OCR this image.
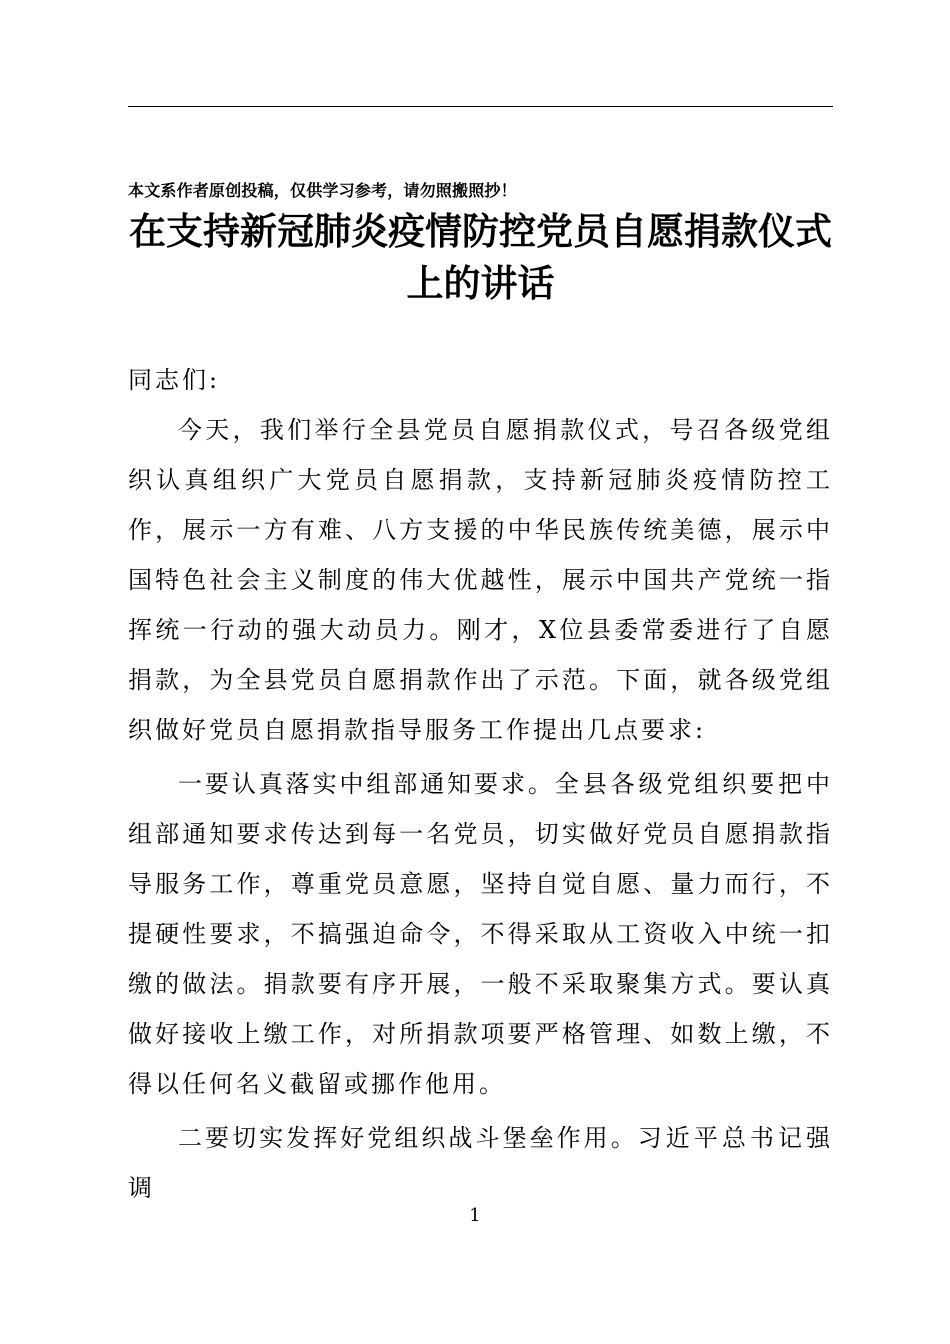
本文系作者原创投稿，仅供学习参考，请勿照搬照抄！
在支持新冠肺炎疫情防控党员自愿捐款仪式上的讲话

同志们:

今天，我们举行全县党员自愿捐款仪式，号召各级党组织认真组织广大党员自愿捐款，支持新冠肺炎疫情防控工作，展示一方有难、八方支援的中华民族传统美德，展示中国特色社会主义制度的伟大优越性，展示中国共产党统一指挥统一行动的强大动员力。刚才，X位县委常委进行了自愿捐款，为全县党员自愿捐款作出了示范。下面，就各级党组织做好党员自愿捐款指导服务工作提出几点要求:

一要认真落实中组部通知要求。全县各级党组织要把中组部通知要求传达到每一名党员，切实做好党员自愿捐款指导服务工作，尊重党员意愿，坚持自觉自愿、量力而行，不提硬性要求，不搞强迫命令，不得采取从工资收入中统一扣缴的做法。捐款要有序开展，一般不采取聚集方式。要认真做好接收上缴工作，对所捐款项要严格管理、如数上缴，不得以任何名义截留或挪作他用。

二要切实发挥好党组织战斗堡垒作用。习近平总书记强调

1
